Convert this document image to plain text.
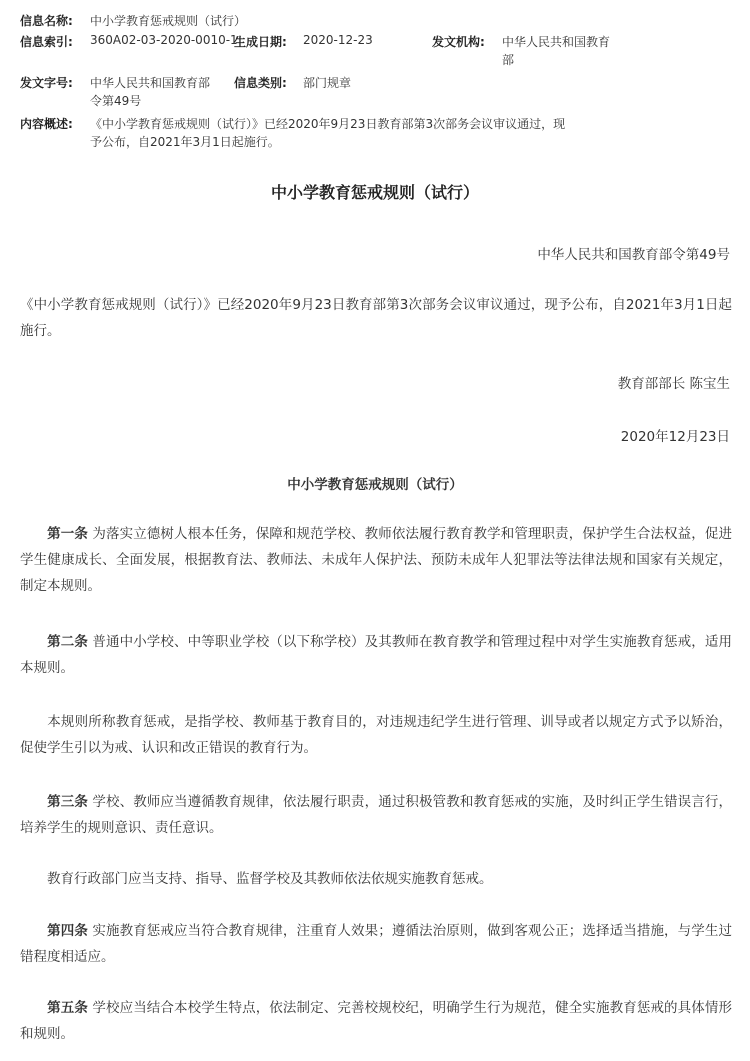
信息名称: 中小学教育惩戒规则（试行）
信息索引: 360A02-03-2020-0010-1
生成日期: 2020-12-23	发文机构: 中华人民共和国教育
部
发文字号: 中华人民共和国教育部
令第49号
信息类别: 部门规章
内容概述: 《中小学教育惩戒规则（试行）》已经2020年9月23日教育部第3次部务会议审议通过，现
予公布，自2021年3月1日起施行。
中小学教育惩戒规则（试行）
中华人民共和国教育部令第49号
《中小学教育惩戒规则（试行）》已经2020年9月23日教育部第3次部务会议审议通过，现予公布，自2021年3月1日起施行。
教育部部长 陈宝生
2020年12月23日
中小学教育惩戒规则（试行）
第一条 为落实立德树人根本任务，保障和规范学校、教师依法履行教育教学和管理职责，保护学生合法权益，促进学生健康成长、全面发展，根据教育法、教师法、未成年人保护法、预防未成年人犯罪法等法律法规和国家有关规定，制定本规则。
第二条 普通中小学校、中等职业学校（以下称学校）及其教师在教育教学和管理过程中对学生实施教育惩戒，适用本规则。
本规则所称教育惩戒，是指学校、教师基于教育目的，对违规违纪学生进行管理、训导或者以规定方式予以矫治，促使学生引以为戒、认识和改正错误的教育行为。
第三条 学校、教师应当遵循教育规律，依法履行职责，通过积极管教和教育惩戒的实施，及时纠正学生错误言行，培养学生的规则意识、责任意识。
教育行政部门应当支持、指导、监督学校及其教师依法依规实施教育惩戒。
第四条 实施教育惩戒应当符合教育规律，注重育人效果；遵循法治原则，做到客观公正；选择适当措施，与学生过错程度相适应。
第五条 学校应当结合本校学生特点，依法制定、完善校规校纪，明确学生行为规范，健全实施教育惩戒的具体情形和规则。
